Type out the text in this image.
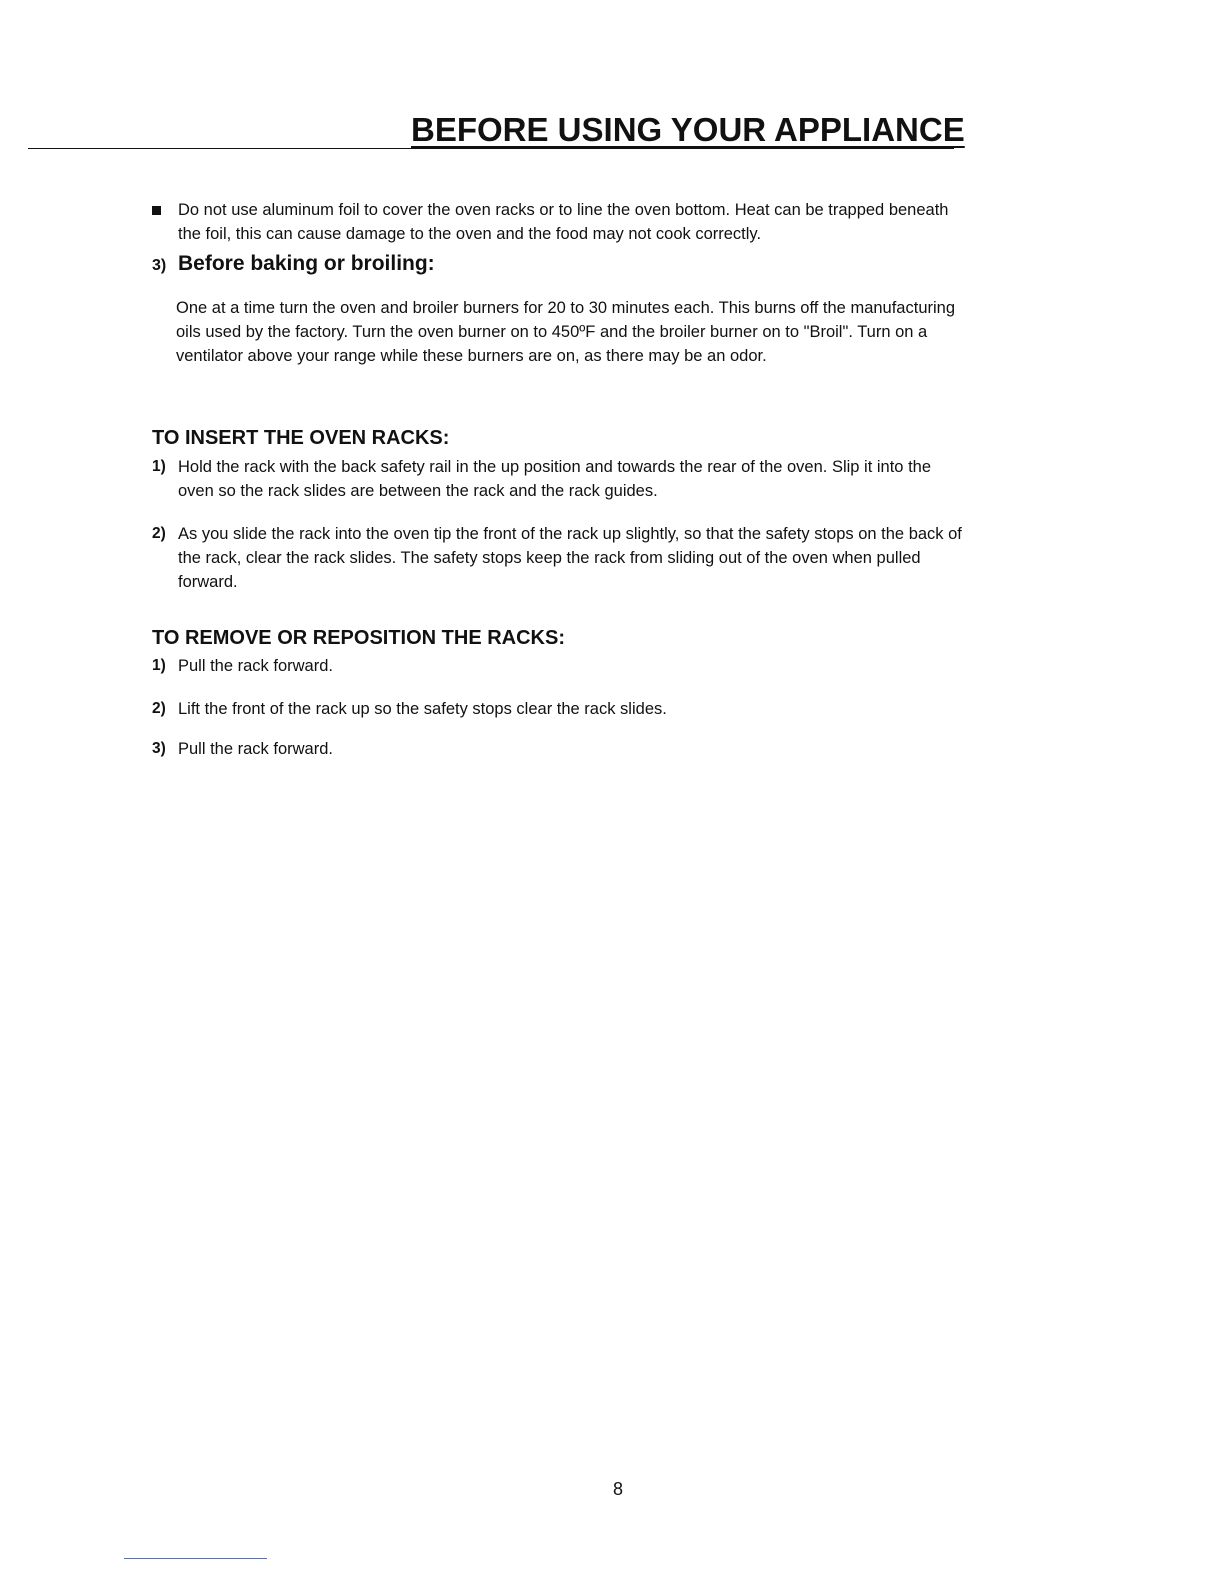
BEFORE USING YOUR APPLIANCE
Do not use aluminum foil to cover the oven racks or to line the oven bottom. Heat can be trapped beneath the foil, this can cause damage to the oven and the food may not cook correctly.
3) Before baking or broiling:
One at a time turn the oven and broiler burners for 20 to 30 minutes each. This burns off the manufacturing oils used by the factory. Turn the oven burner on to 450ºF and the broiler burner on to "Broil". Turn on a ventilator above your range while these burners are on, as there may be an odor.
TO INSERT THE OVEN RACKS:
1) Hold the rack with the back safety rail in the up position and towards the rear of the oven. Slip it into the oven so the rack slides are between the rack and the rack guides.
2) As you slide the rack into the oven tip the front of the rack up slightly, so that the safety stops on the back of the rack, clear the rack slides. The safety stops keep the rack from sliding out of the oven when pulled forward.
TO REMOVE OR REPOSITION THE RACKS:
1) Pull the rack forward.
2) Lift the front of the rack up so the safety stops clear the rack slides.
3) Pull the rack forward.
8
